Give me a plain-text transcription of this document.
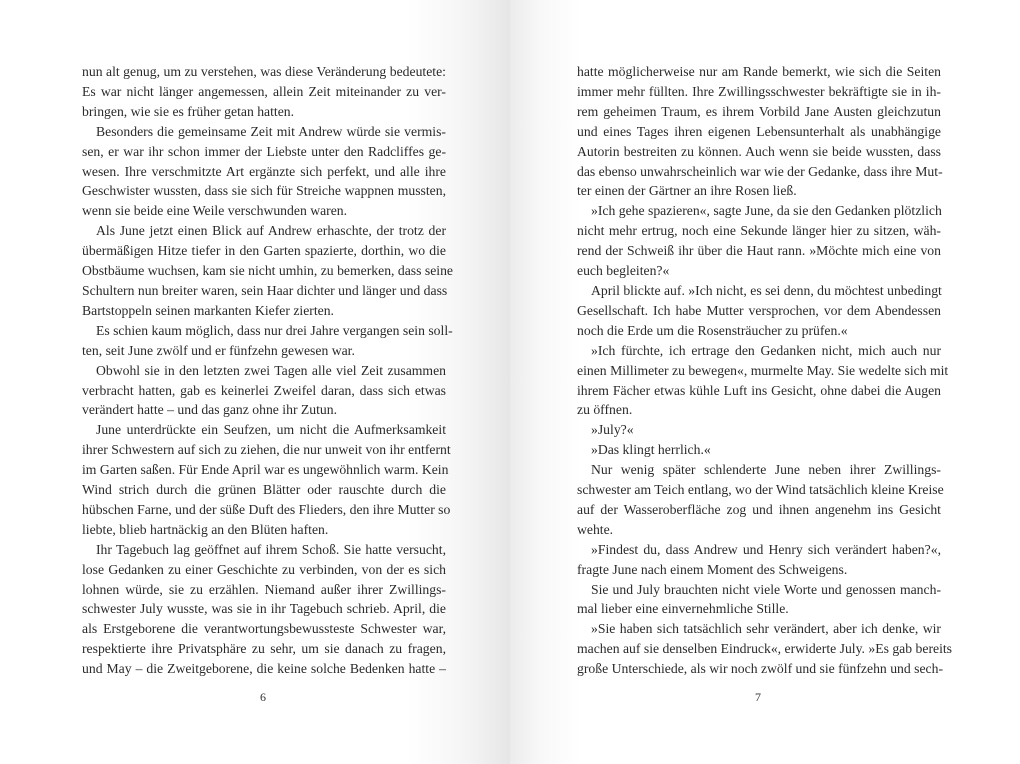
nun alt genug, um zu verstehen, was diese Veränderung bedeutete:
Es war nicht länger angemessen, allein Zeit miteinander zu ver-
bringen, wie sie es früher getan hatten.

Besonders die gemeinsame Zeit mit Andrew würde sie vermis-
sen, er war ihr schon immer der Liebste unter den Radcliffes ge-
wesen. Ihre verschmitzte Art ergänzte sich perfekt, und alle ihre
Geschwister wussten, dass sie sich für Streiche wappnen mussten,
wenn sie beide eine Weile verschwunden waren.

Als June jetzt einen Blick auf Andrew erhaschte, der trotz der
übermäßigen Hitze tiefer in den Garten spazierte, dorthin, wo die
Obstbäume wuchsen, kam sie nicht umhin, zu bemerken, dass seine
Schultern nun breiter waren, sein Haar dichter und länger und dass
Bartstoppeln seinen markanten Kiefer zierten.

Es schien kaum möglich, dass nur drei Jahre vergangen sein soll-
ten, seit June zwölf und er fünfzehn gewesen war.

Obwohl sie in den letzten zwei Tagen alle viel Zeit zusammen
verbracht hatten, gab es keinerlei Zweifel daran, dass sich etwas
verändert hatte – und das ganz ohne ihr Zutun.

June unterdrückte ein Seufzen, um nicht die Aufmerksamkeit
ihrer Schwestern auf sich zu ziehen, die nur unweit von ihr entfernt
im Garten saßen. Für Ende April war es ungewöhnlich warm. Kein
Wind strich durch die grünen Blätter oder rauschte durch die
hübschen Farne, und der süße Duft des Flieders, den ihre Mutter so
liebte, blieb hartnäckig an den Blüten haften.

Ihr Tagebuch lag geöffnet auf ihrem Schoß. Sie hatte versucht,
lose Gedanken zu einer Geschichte zu verbinden, von der es sich
lohnen würde, sie zu erzählen. Niemand außer ihrer Zwillings-
schwester July wusste, was sie in ihr Tagebuch schrieb. April, die
als Erstgeborene die verantwortungsbewussteste Schwester war,
respektierte ihre Privatsphäre zu sehr, um sie danach zu fragen,
und May – die Zweitgeborene, die keine solche Bedenken hatte –

6

hatte möglicherweise nur am Rande bemerkt, wie sich die Seiten
immer mehr füllten. Ihre Zwillingsschwester bekräftigte sie in ih-
rem geheimen Traum, es ihrem Vorbild Jane Austen gleichzutun
und eines Tages ihren eigenen Lebensunterhalt als unabhängige
Autorin bestreiten zu können. Auch wenn sie beide wussten, dass
das ebenso unwahrscheinlich war wie der Gedanke, dass ihre Mut-
ter einen der Gärtner an ihre Rosen ließ.

»Ich gehe spazieren«, sagte June, da sie den Gedanken plötzlich
nicht mehr ertrug, noch eine Sekunde länger hier zu sitzen, wäh-
rend der Schweiß ihr über die Haut rann. »Möchte mich eine von
euch begleiten?«

April blickte auf. »Ich nicht, es sei denn, du möchtest unbedingt
Gesellschaft. Ich habe Mutter versprochen, vor dem Abendessen
noch die Erde um die Rosensträucher zu prüfen.«

»Ich fürchte, ich ertrage den Gedanken nicht, mich auch nur
einen Millimeter zu bewegen«, murmelte May. Sie wedelte sich mit
ihrem Fächer etwas kühle Luft ins Gesicht, ohne dabei die Augen
zu öffnen.

»July?«

»Das klingt herrlich.«

Nur wenig später schlenderte June neben ihrer Zwillings-
schwester am Teich entlang, wo der Wind tatsächlich kleine Kreise
auf der Wasseroberfläche zog und ihnen angenehm ins Gesicht
wehte.

»Findest du, dass Andrew und Henry sich verändert haben?«,
fragte June nach einem Moment des Schweigens.

Sie und July brauchten nicht viele Worte und genossen manch-
mal lieber eine einvernehmliche Stille.

»Sie haben sich tatsächlich sehr verändert, aber ich denke, wir
machen auf sie denselben Eindruck«, erwiderte July. »Es gab bereits
große Unterschiede, als wir noch zwölf und sie fünfzehn und sech-

7
